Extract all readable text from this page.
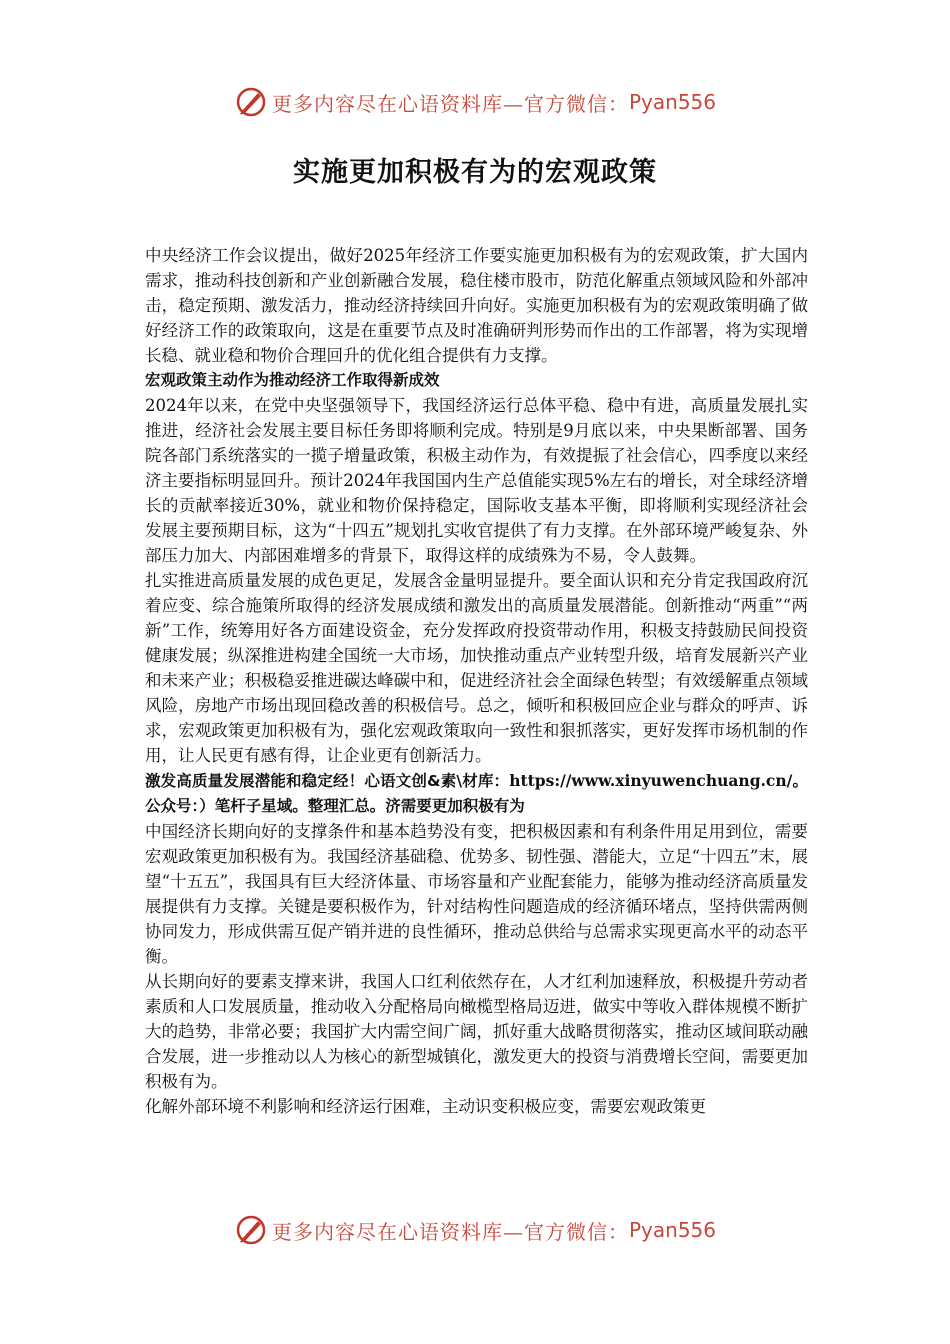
更多内容尽在心语资料库—官方微信： Pyan556
实施更加积极有为的宏观政策

中央经济工作会议提出，做好2025年经济工作要实施更加积极有为的宏观政策，扩大国内需求，推动科技创新和产业创新融合发展，稳住楼市股市，防范化解重点领域风险和外部冲击，稳定预期、激发活力，推动经济持续回升向好。实施更加积极有为的宏观政策明确了做好经济工作的政策取向，这是在重要节点及时准确研判形势而作出的工作部署，将为实现增长稳、就业稳和物价合理回升的优化组合提供有力支撑。

宏观政策主动作为推动经济工作取得新成效

2024年以来，在党中央坚强领导下，我国经济运行总体平稳、稳中有进，高质量发展扎实推进，经济社会发展主要目标任务即将顺利完成。特别是9月底以来，中央果断部署、国务院各部门系统落实的一揽子增量政策，积极主动作为，有效提振了社会信心，四季度以来经济主要指标明显回升。预计2024年我国国内生产总值能实现5%左右的增长，对全球经济增长的贡献率接近30%，就业和物价保持稳定，国际收支基本平衡，即将顺利实现经济社会发展主要预期目标，这为“十四五”规划扎实收官提供了有力支撑。在外部环境严峻复杂、外部压力加大、内部困难增多的背景下，取得这样的成绩殊为不易，令人鼓舞。

扎实推进高质量发展的成色更足，发展含金量明显提升。要全面认识和充分肯定我国政府沉着应变、综合施策所取得的经济发展成绩和激发出的高质量发展潜能。创新推动“两重”“两新”工作，统筹用好各方面建设资金，充分发挥政府投资带动作用，积极支持鼓励民间投资健康发展；纵深推进构建全国统一大市场，加快推动重点产业转型升级，培育发展新兴产业和未来产业；积极稳妥推进碳达峰碳中和，促进经济社会全面绿色转型；有效缓解重点领域风险，房地产市场出现回稳改善的积极信号。总之，倾听和积极回应企业与群众的呼声、诉求，宏观政策更加积极有为，强化宏观政策取向一致性和狠抓落实，更好发挥市场机制的作用，让人民更有感有得，让企业更有创新活力。

激发高质量发展潜能和稳定经！心语文创&素\材库：https://www.xinyuwenchuang.cn/。公众号：）笔杆子星域。整理汇总。济需要更加积极有为

中国经济长期向好的支撑条件和基本趋势没有变，把积极因素和有利条件用足用到位，需要宏观政策更加积极有为。我国经济基础稳、优势多、韧性强、潜能大，立足“十四五”末，展望“十五五”，我国具有巨大经济体量、市场容量和产业配套能力，能够为推动经济高质量发展提供有力支撑。关键是要积极作为，针对结构性问题造成的经济循环堵点，坚持供需两侧协同发力，形成供需互促产销并进的良性循环，推动总供给与总需求实现更高水平的动态平衡。

从长期向好的要素支撑来讲，我国人口红利依然存在，人才红利加速释放，积极提升劳动者素质和人口发展质量，推动收入分配格局向橄榄型格局迈进，做实中等收入群体规模不断扩大的趋势，非常必要；我国扩大内需空间广阔，抓好重大战略贯彻落实，推动区域间联动融合发展，进一步推动以人为核心的新型城镇化，激发更大的投资与消费增长空间，需要更加积极有为。

化解外部环境不利影响和经济运行困难，主动识变积极应变，需要宏观政策更

更多内容尽在心语资料库—官方微信： Pyan556
